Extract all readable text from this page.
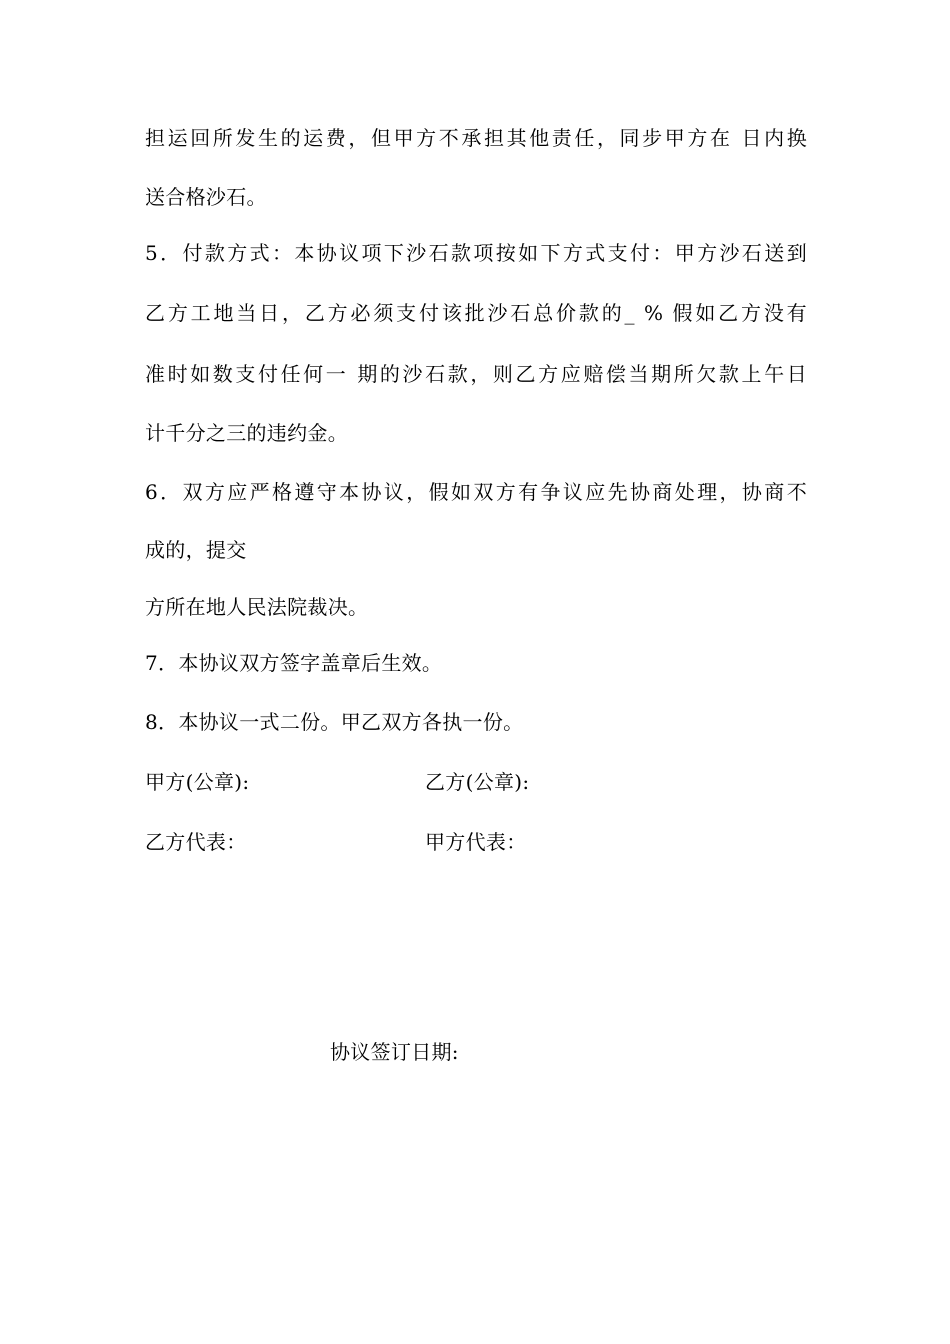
担运回所发生的运费，但甲方不承担其他责任，同步甲方在 日内换
送合格沙石。
5．付款方式：本协议项下沙石款项按如下方式支付：甲方沙石送到
乙方工地当日，乙方必须支付该批沙石总价款的_ % 假如乙方没有
准时如数支付任何一 期的沙石款，则乙方应赔偿当期所欠款上午日
计千分之三的违约金。
6．双方应严格遵守本协议，假如双方有争议应先协商处理，协商不
成的，提交
方所在地人民法院裁决。
7．本协议双方签字盖章后生效。
8．本协议一式二份。甲乙双方各执一份。
甲方(公章):	乙方(公章):
乙方代表：	甲方代表：
协议签订日期:
